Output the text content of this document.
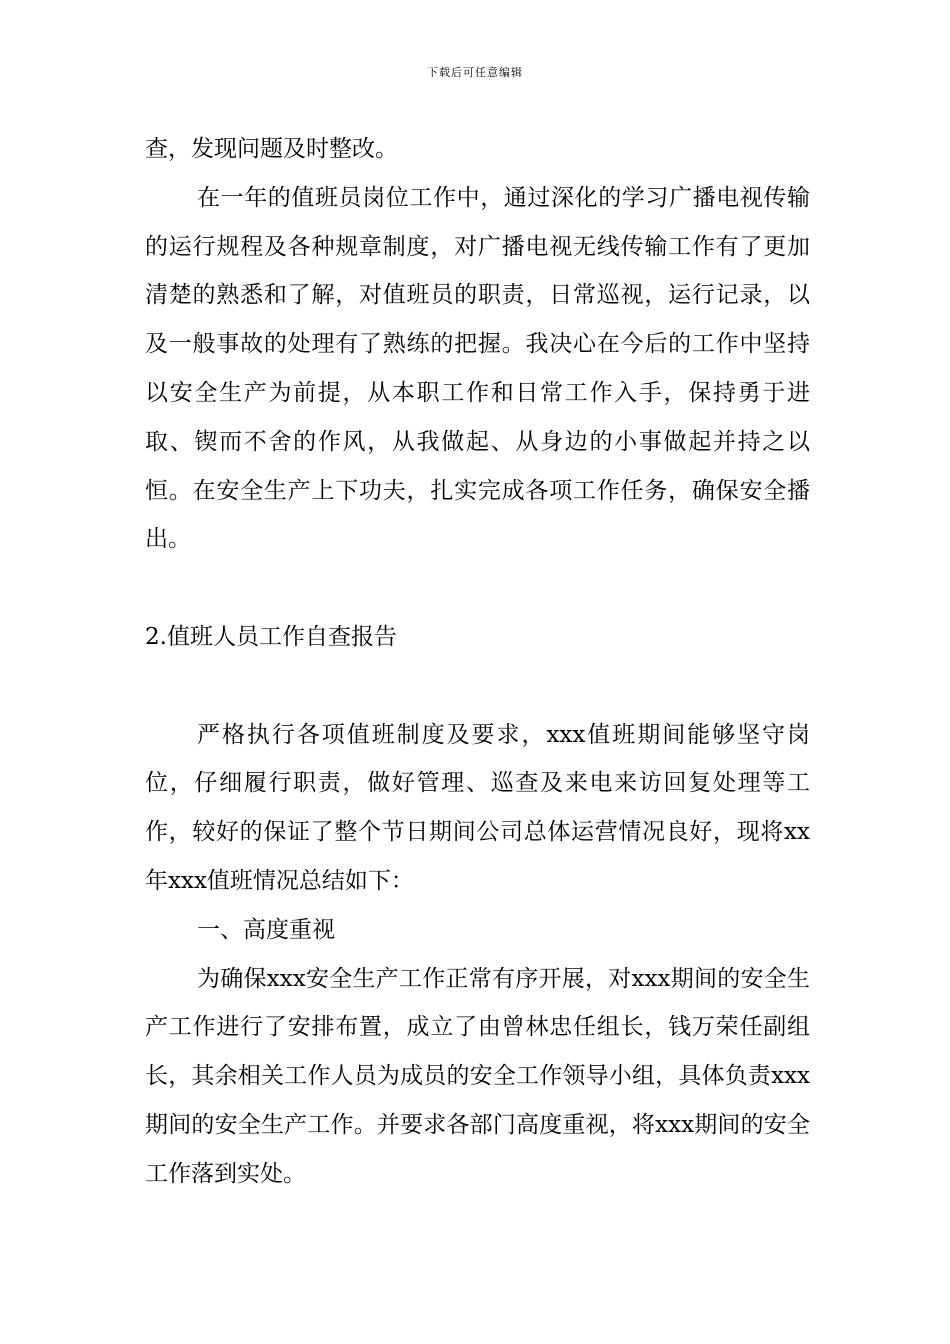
下载后可任意编辑

查，发现问题及时整改。

在一年的值班员岗位工作中，通过深化的学习广播电视传输的运行规程及各种规章制度，对广播电视无线传输工作有了更加清楚的熟悉和了解，对值班员的职责，日常巡视，运行记录，以及一般事故的处理有了熟练的把握。我决心在今后的工作中坚持以安全生产为前提，从本职工作和日常工作入手，保持勇于进取、锲而不舍的作风，从我做起、从身边的小事做起并持之以恒。在安全生产上下功夫，扎实完成各项工作任务，确保安全播出。

2.值班人员工作自查报告

严格执行各项值班制度及要求，xxx值班期间能够坚守岗位，仔细履行职责，做好管理、巡查及来电来访回复处理等工作，较好的保证了整个节日期间公司总体运营情况良好，现将xx年xxx值班情况总结如下：

一、高度重视

为确保xxx安全生产工作正常有序开展，对xxx期间的安全生产工作进行了安排布置，成立了由曾林忠任组长，钱万荣任副组长，其余相关工作人员为成员的安全工作领导小组，具体负责xxx期间的安全生产工作。并要求各部门高度重视，将xxx期间的安全工作落到实处。
